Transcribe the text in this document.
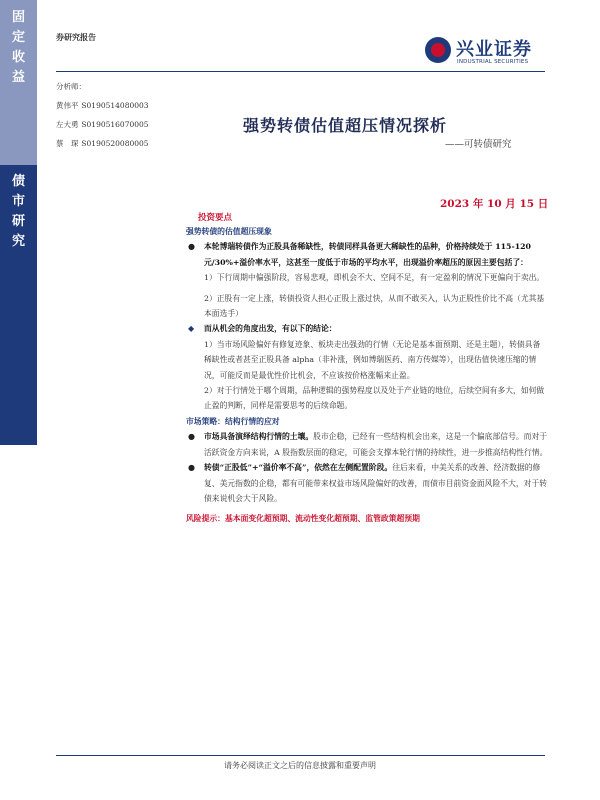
固
定
收
益
债
市
研
究
券研究报告
兴业证券
INDUSTRIAL SECURITIES
分析师：
黄伟平 S0190514080003
左大勇 S0190516070005
蔡　琛 S0190520080005
强势转债估值超压情况探析
——可转债研究
2023 年 10 月 15 日
投资要点

强势转债的估值超压现象

● 本轮博瑞转债作为正股具备稀缺性，转债同样具备更大稀缺性的品种，价格持续处于 115-120 元/30%+溢价率水平，这甚至一度低于市场的平均水平，出现溢价率超压的原因主要包括了：

1）下行周期中偏强阶段，容易悲观，即机会不大、空间不足，有一定盈利的情况下更偏向于卖出。

2）正股有一定上涨，转债投资人担心正股上涨过快，从而不敢买入，认为正股性价比不高（尤其基本面选手）

◆ 而从机会的角度出发，有以下的结论：

1）当市场风险偏好有修复迹象、板块走出强劲的行情（无论是基本面预期、还是主题），转债具备稀缺性或者甚至正股具备 alpha（非补涨，例如博瑞医药、南方传媒等），出现估值快速压缩的情况，可能反而是最优性价比机会，不应该按价格涨幅来止盈。

2）对于行情处于哪个周期，品种逻辑的强势程度以及处于产业链的地位，后续空间有多大，如何做止盈的判断，同样是需要思考的后续命题。

市场策略：结构行情的应对

● 市场具备演绎结构行情的土壤。股市企稳，已经有一些结构机会出来，这是一个偏底部信号。而对于活跃资金方向来说，A 股指数层面的稳定，可能会支撑本轮行情的持续性，进一步推高结构性行情。

● 转债“正股低”+“溢价率不高”，依然在左侧配置阶段。往后来看，中美关系的改善、经济数据的修复、美元指数的企稳，都有可能带来权益市场风险偏好的改善，而债市目前资金面风险不大，对于转债来说机会大于风险。

风险提示：基本面变化超预期、流动性变化超预期、监管政策超预期

请务必阅读正文之后的信息披露和重要声明
